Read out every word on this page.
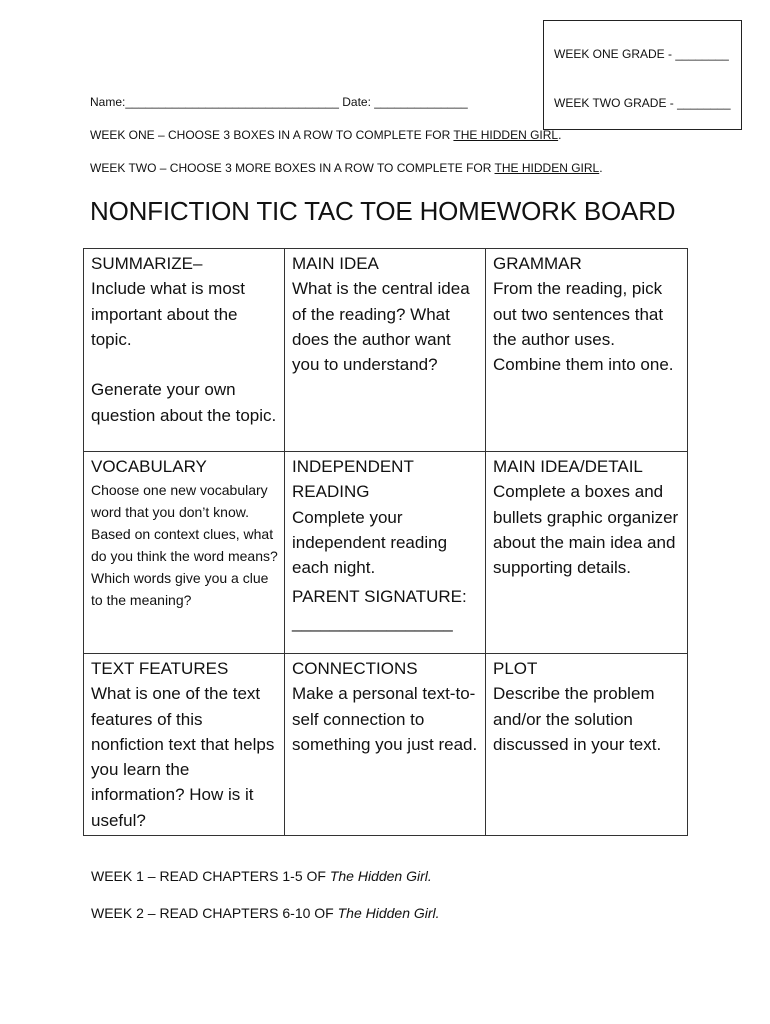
WEEK ONE GRADE - ________
WEEK TWO GRADE - ________
Name:________________________________ Date: ______________
WEEK ONE – CHOOSE 3 BOXES IN A ROW TO COMPLETE FOR THE HIDDEN GIRL.
WEEK TWO – CHOOSE 3 MORE BOXES IN A ROW TO COMPLETE FOR THE HIDDEN GIRL.
NONFICTION TIC TAC TOE HOMEWORK BOARD
SUMMARIZE–
Include what is most important about the topic.

Generate your own question about the topic.	MAIN IDEA
What is the central idea of the reading? What does the author want you to understand?	GRAMMAR
From the reading, pick out two sentences that the author uses. Combine them into one.

VOCABULARY
Choose one new vocabulary word that you don’t know. Based on context clues, what do you think the word means? Which words give you a clue to the meaning?	INDEPENDENT READING
Complete your independent reading each night.
PARENT SIGNATURE:
_________________	MAIN IDEA/DETAIL
Complete a boxes and bullets graphic organizer about the main idea and supporting details.

TEXT FEATURES
What is one of the text features of this nonfiction text that helps you learn the information? How is it useful?	CONNECTIONS
Make a personal text-to-self connection to something you just read.	PLOT
Describe the problem and/or the solution discussed in your text.
WEEK 1 – READ CHAPTERS 1-5 OF The Hidden Girl.
WEEK 2 – READ CHAPTERS 6-10 OF The Hidden Girl.
